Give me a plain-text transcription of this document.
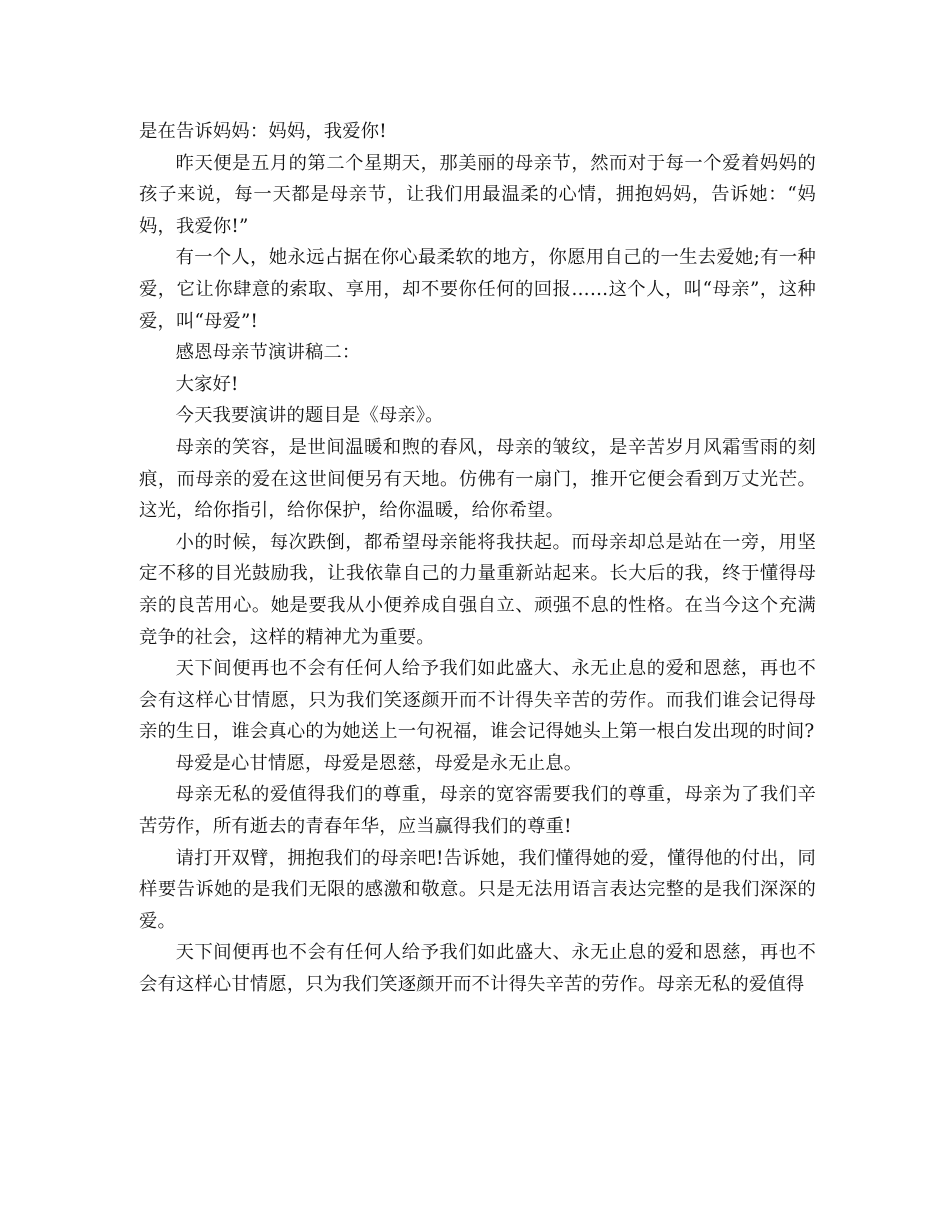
是在告诉妈妈：妈妈，我爱你!

昨天便是五月的第二个星期天，那美丽的母亲节，然而对于每一个爱着妈妈的孩子来说，每一天都是母亲节，让我们用最温柔的心情，拥抱妈妈，告诉她：“妈妈，我爱你!”

有一个人，她永远占据在你心最柔软的地方，你愿用自己的一生去爱她;有一种爱，它让你肆意的索取、享用，却不要你任何的回报……这个人，叫“母亲”，这种爱，叫“母爱”!

感恩母亲节演讲稿二：

大家好!

今天我要演讲的题目是《母亲》。

母亲的笑容，是世间温暖和煦的春风，母亲的皱纹，是辛苦岁月风霜雪雨的刻痕，而母亲的爱在这世间便另有天地。仿佛有一扇门，推开它便会看到万丈光芒。这光，给你指引，给你保护，给你温暖，给你希望。

小的时候，每次跌倒，都希望母亲能将我扶起。而母亲却总是站在一旁，用坚定不移的目光鼓励我，让我依靠自己的力量重新站起来。长大后的我，终于懂得母亲的良苦用心。她是要我从小便养成自强自立、顽强不息的性格。在当今这个充满竞争的社会，这样的精神尤为重要。

天下间便再也不会有任何人给予我们如此盛大、永无止息的爱和恩慈，再也不会有这样心甘情愿，只为我们笑逐颜开而不计得失辛苦的劳作。而我们谁会记得母亲的生日，谁会真心的为她送上一句祝福，谁会记得她头上第一根白发出现的时间?

母爱是心甘情愿，母爱是恩慈，母爱是永无止息。

母亲无私的爱值得我们的尊重，母亲的宽容需要我们的尊重，母亲为了我们辛苦劳作，所有逝去的青春年华，应当赢得我们的尊重!

请打开双臂，拥抱我们的母亲吧!告诉她，我们懂得她的爱，懂得他的付出，同样要告诉她的是我们无限的感激和敬意。只是无法用语言表达完整的是我们深深的爱。

天下间便再也不会有任何人给予我们如此盛大、永无止息的爱和恩慈，再也不会有这样心甘情愿，只为我们笑逐颜开而不计得失辛苦的劳作。母亲无私的爱值得
